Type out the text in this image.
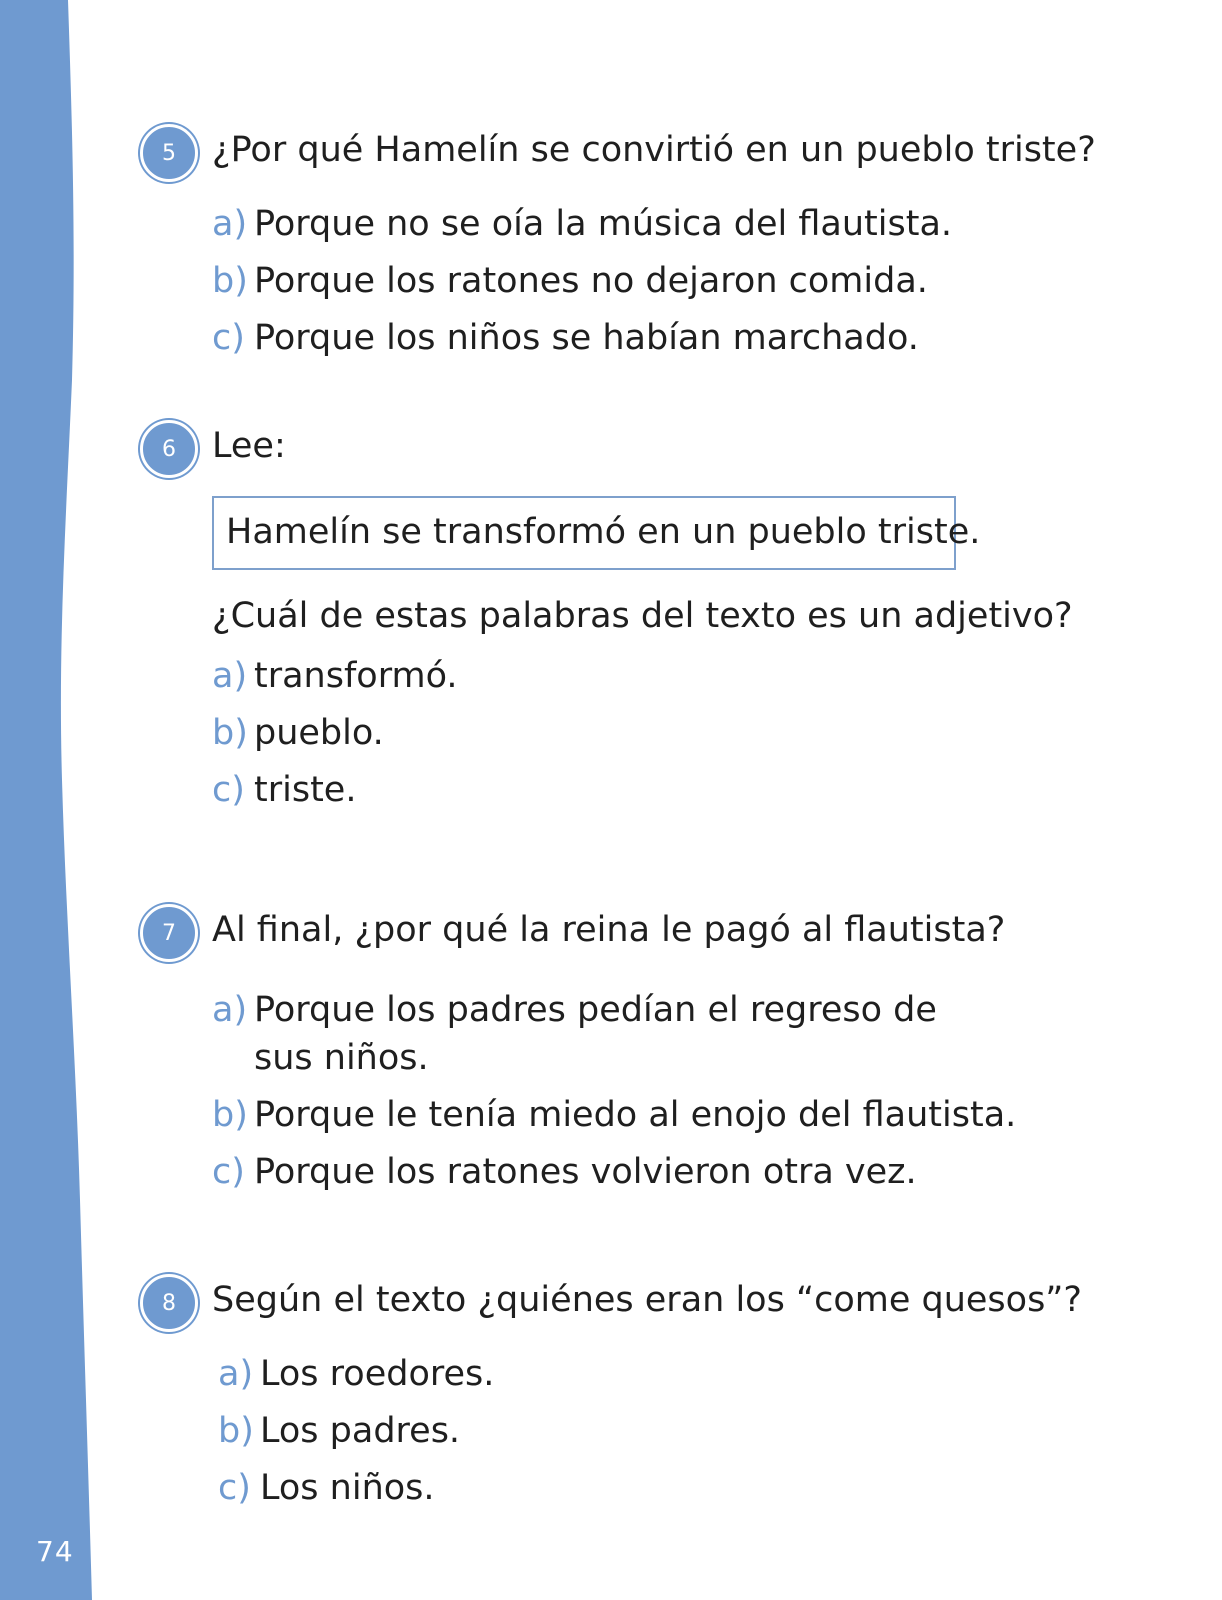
74
5	¿Por qué Hamelín se convirtió en un pueblo triste?
a) Porque no se oía la música del flautista.
b) Porque los ratones no dejaron comida.
c) Porque los niños se habían marchado.
6	Lee:
Hamelín se transformó en un pueblo triste.
¿Cuál de estas palabras del texto es un adjetivo?
a) transformó.
b) pueblo.
c) triste.
7	Al final, ¿por qué la reina le pagó al flautista?
a) Porque los padres pedían el regreso de
sus niños.
b) Porque le tenía miedo al enojo del flautista.
c) Porque los ratones volvieron otra vez.
8	Según el texto ¿quiénes eran los “come quesos”?
a) Los roedores.
b) Los padres.
c) Los niños.
